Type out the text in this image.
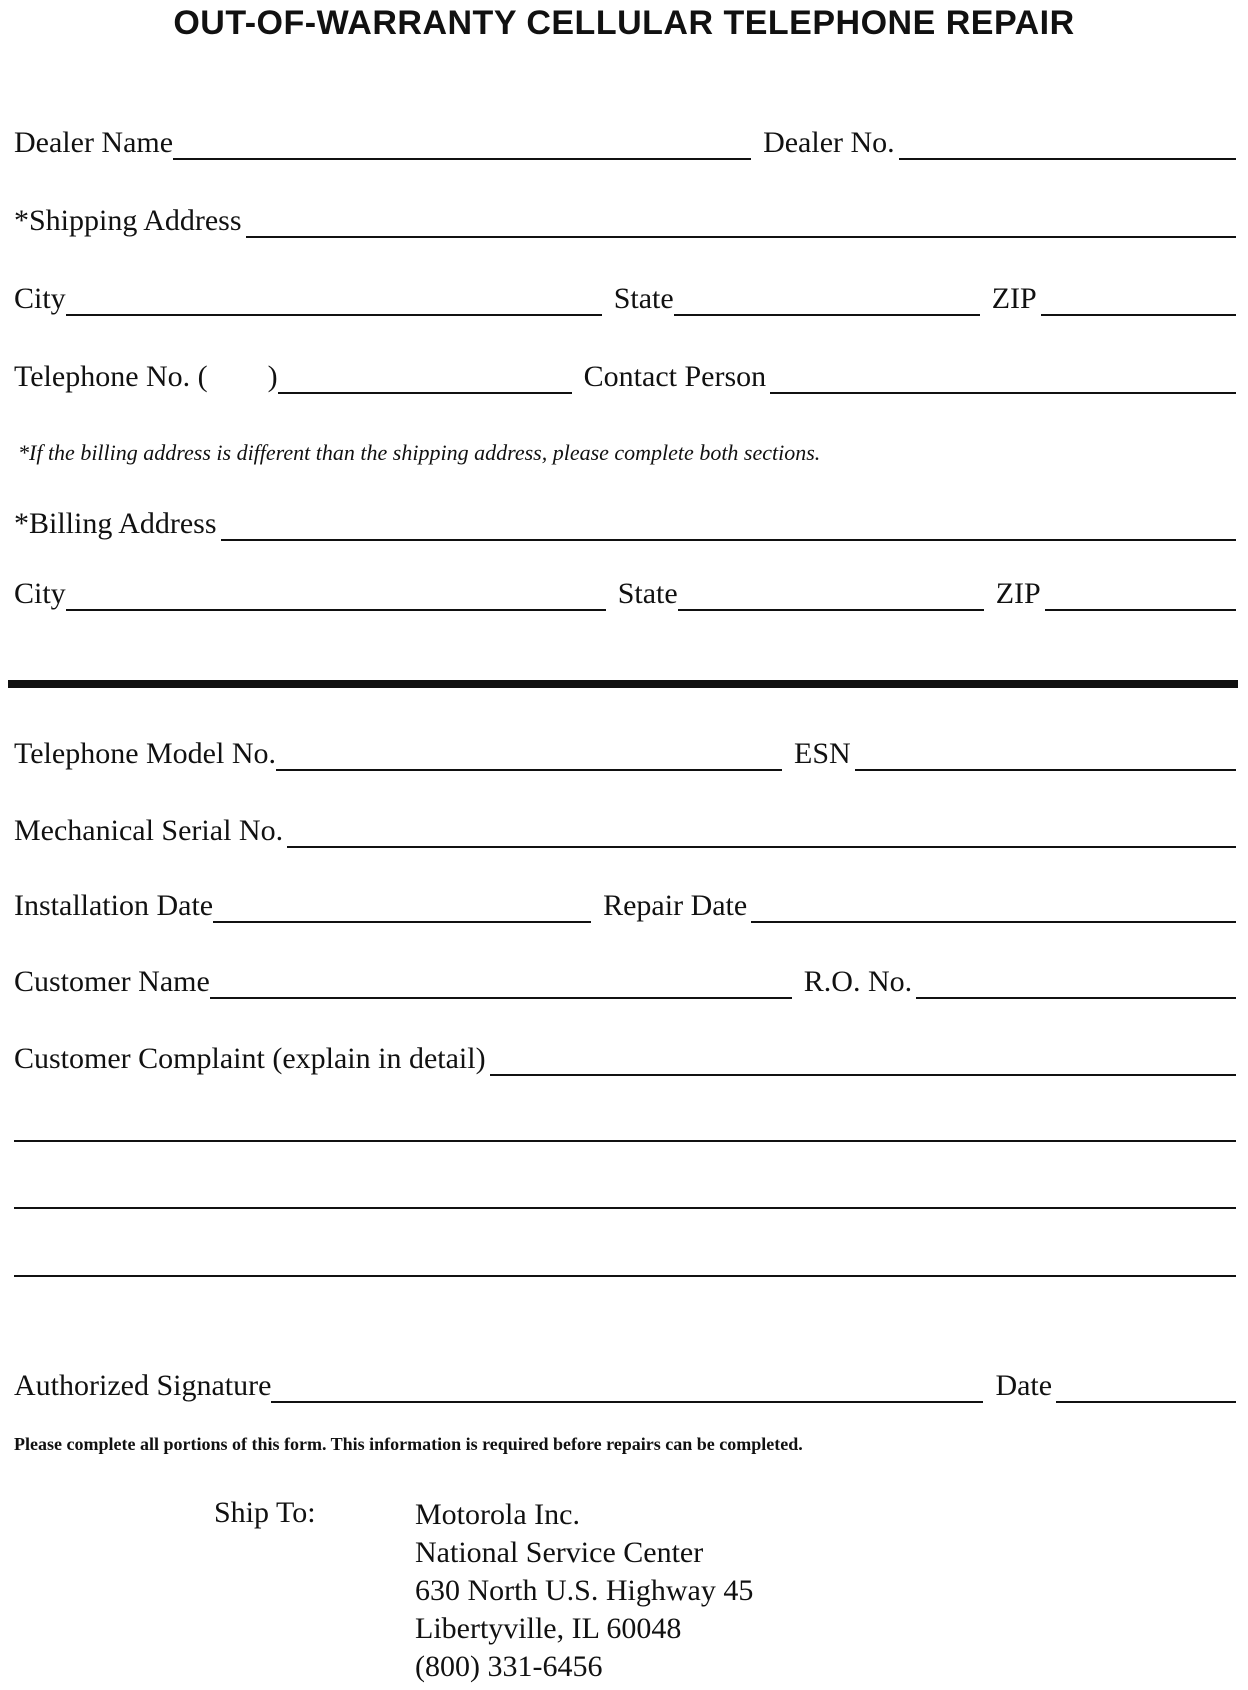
OUT-OF-WARRANTY CELLULAR TELEPHONE REPAIR
Dealer Name	Dealer No.
*Shipping Address
City	State	ZIP
Telephone No. (        )	Contact Person
*If the billing address is different than the shipping address, please complete both sections.
*Billing Address
City	State	ZIP
Telephone Model No.	ESN
Mechanical Serial No.
Installation Date	Repair Date
Customer Name	R.O. No.
Customer Complaint (explain in detail)
Authorized Signature	Date
Please complete all portions of this form. This information is required before repairs can be completed.
Ship To:	Motorola Inc.
National Service Center
630 North U.S. Highway 45
Libertyville, IL 60048
(800) 331-6456
